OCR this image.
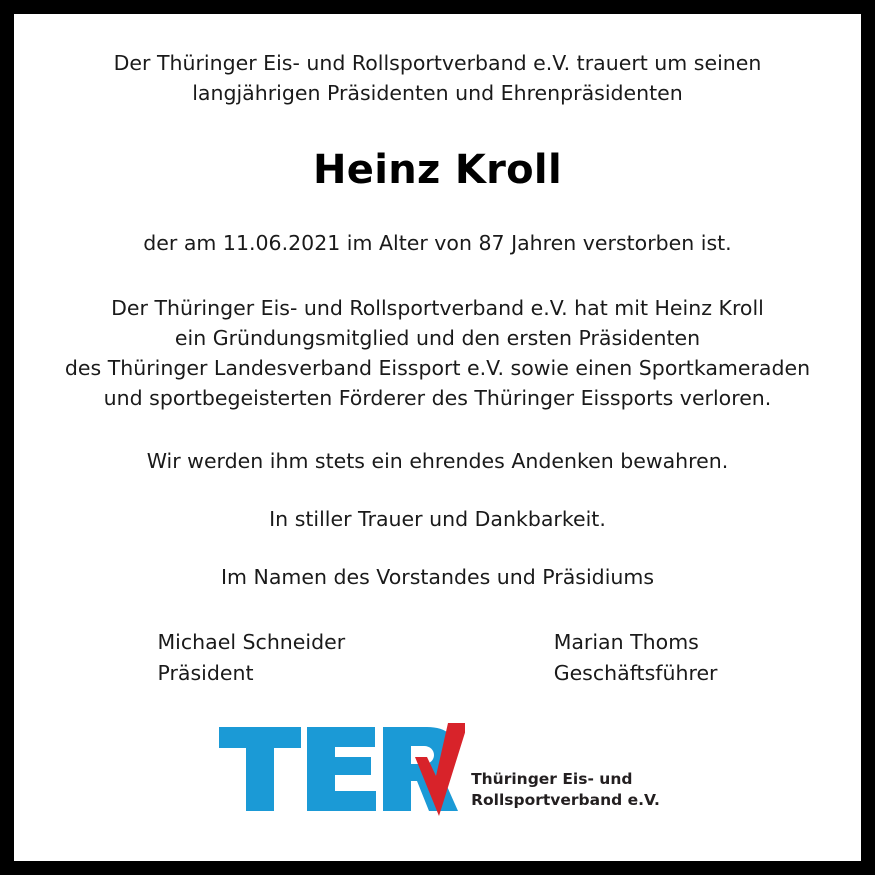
Der Thüringer Eis- und Rollsportverband e.V. trauert um seinen
langjährigen Präsidenten und Ehrenpräsidenten
Heinz Kroll
der am 11.06.2021 im Alter von 87 Jahren verstorben ist.
Der Thüringer Eis- und Rollsportverband e.V. hat mit Heinz Kroll
ein Gründungsmitglied und den ersten Präsidenten
des Thüringer Landesverband Eissport e.V. sowie einen Sportkameraden
und sportbegeisterten Förderer des Thüringer Eissports verloren.
Wir werden ihm stets ein ehrendes Andenken bewahren.
In stiller Trauer und Dankbarkeit.
Im Namen des Vorstandes und Präsidiums
Michael Schneider
Präsident
Marian Thoms
Geschäftsführer
Thüringer Eis- und
Rollsportverband e.V.
